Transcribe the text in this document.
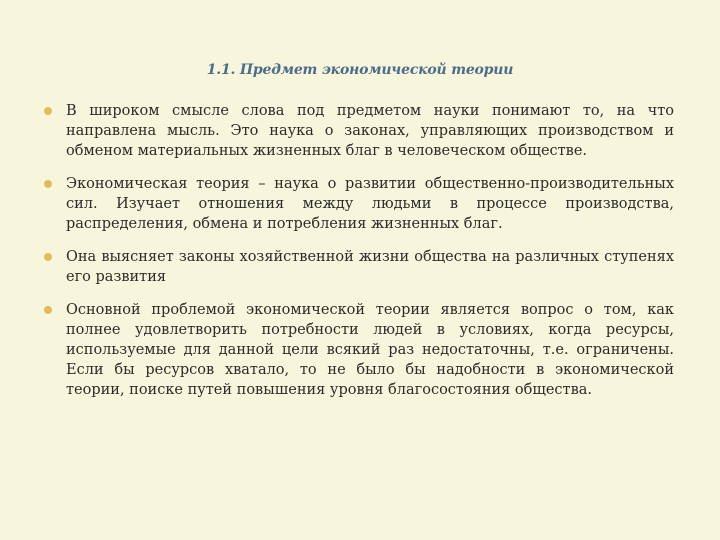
1.1. Предмет экономической теории
В широком смысле слова под предметом науки понимают то, на что направлена мысль. Это наука о законах, управляющих производством и обменом материальных жизненных благ в человеческом обществе.
Экономическая теория – наука о развитии общественно-производительных сил. Изучает отношения между людьми в процессе производства, распределения, обмена и потребления жизненных благ.
Она выясняет законы хозяйственной жизни общества на различных ступенях его развития
Основной проблемой экономической теории является вопрос о том, как полнее удовлетворить потребности людей в условиях, когда ресурсы, используемые для данной цели всякий раз недостаточны, т.е. ограничены. Если бы ресурсов хватало, то не было бы надобности в экономической теории, поиске путей повышения уровня благосостояния общества.
